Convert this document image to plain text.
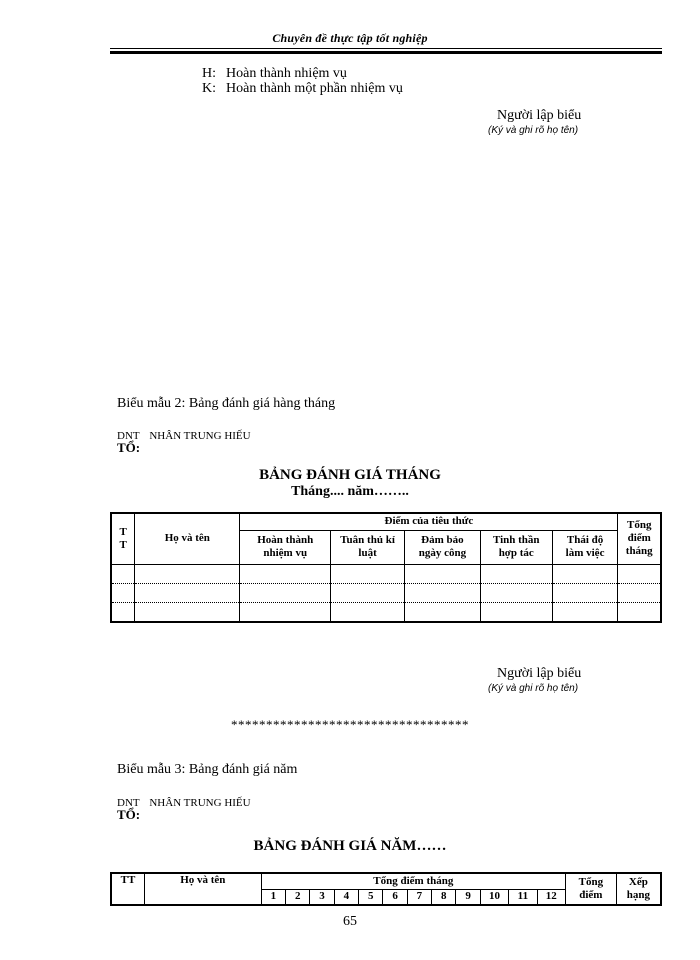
Chuyên đề thực tập tốt nghiệp
H: Hoàn thành nhiệm vụ
K: Hoàn thành một phần nhiệm vụ
Người lập biểu
(Ký và ghi rõ họ tên)
Biểu mẫu 2: Bảng đánh giá hàng tháng
DNT NHÂN TRUNG HIẾU
TỔ:
BẢNG ĐÁNH GIÁ THÁNG
Tháng.... năm……..
TT	Họ và tên	Điểm của tiêu thức					Tổng điểm tháng
		Hoàn thành nhiệm vụ	Tuân thủ kỉ luật	Đảm bảo ngày công	Tinh thần hợp tác	Thái độ làm việc	

Người lập biểu
(Ký và ghi rõ họ tên)
**********************************
Biểu mẫu 3: Bảng đánh giá năm
DNT NHÂN TRUNG HIẾU
TỔ:
BẢNG ĐÁNH GIÁ NĂM……
TT	Họ và tên	Tổng điểm tháng												Tổng điểm	Xếp hạng
		1	2	3	4	5	6	7	8	9	10	11	12		
65
